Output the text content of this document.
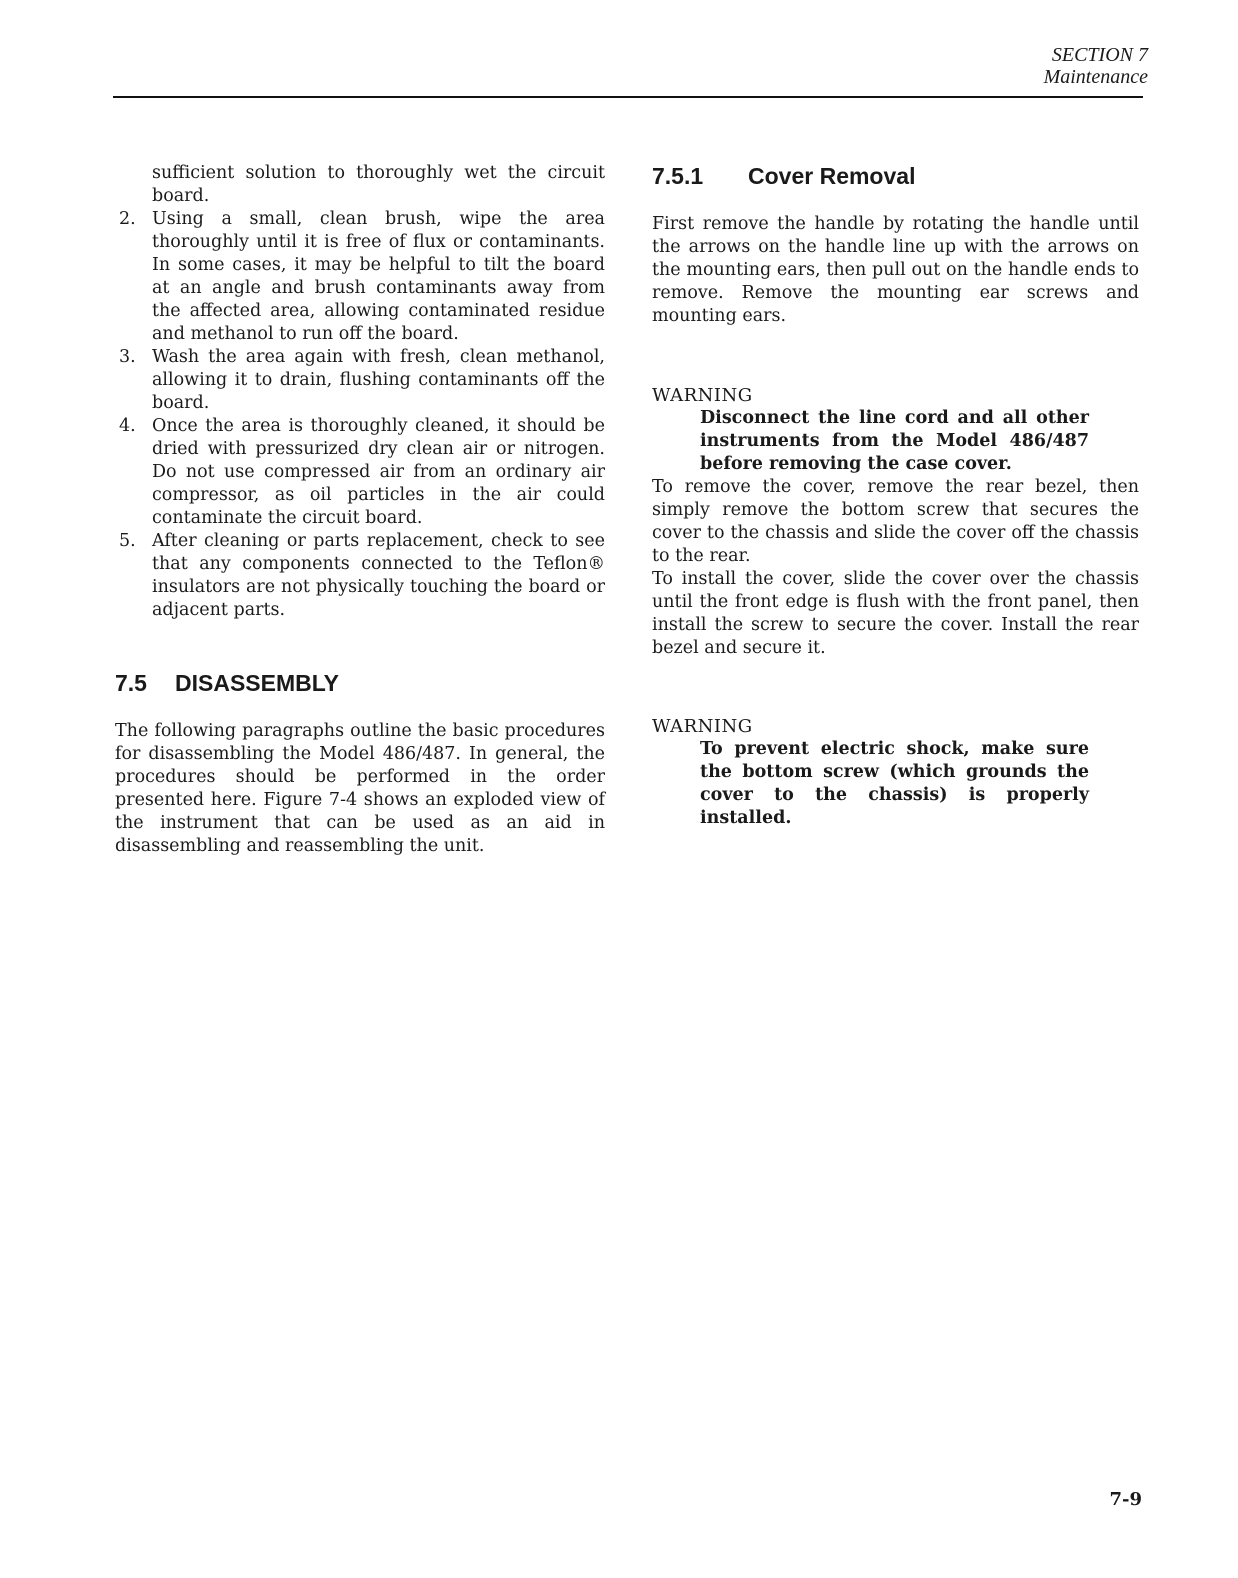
SECTION 7
Maintenance

sufficient solution to thoroughly wet the circuit board.

2. Using a small, clean brush, wipe the area thoroughly until it is free of flux or contaminants. In some cases, it may be helpful to tilt the board at an angle and brush contaminants away from the affected area, allowing contaminated residue and methanol to run off the board.
3. Wash the area again with fresh, clean methanol, allowing it to drain, flushing contaminants off the board.
4. Once the area is thoroughly cleaned, it should be dried with pressurized dry clean air or nitrogen. Do not use compressed air from an ordinary air compressor, as oil particles in the air could contaminate the circuit board.
5. After cleaning or parts replacement, check to see that any components connected to the Teflon® insulators are not physically touching the board or adjacent parts.
7.5 DISASSEMBLY

The following paragraphs outline the basic procedures for disassembling the Model 486/487. In general, the procedures should be performed in the order presented here. Figure 7-4 shows an exploded view of the instrument that can be used as an aid in disassembling and reassembling the unit.

7.5.1 Cover Removal

First remove the handle by rotating the handle until the arrows on the handle line up with the arrows on the mounting ears, then pull out on the handle ends to remove. Remove the mounting ear screws and mounting ears.

WARNING

Disconnect the line cord and all other instruments from the Model 486/487 before removing the case cover.

To remove the cover, remove the rear bezel, then simply remove the bottom screw that secures the cover to the chassis and slide the cover off the chassis to the rear.

To install the cover, slide the cover over the chassis until the front edge is flush with the front panel, then install the screw to secure the cover. Install the rear bezel and secure it.

WARNING

To prevent electric shock, make sure the bottom screw (which grounds the cover to the chassis) is properly installed.

7-9
